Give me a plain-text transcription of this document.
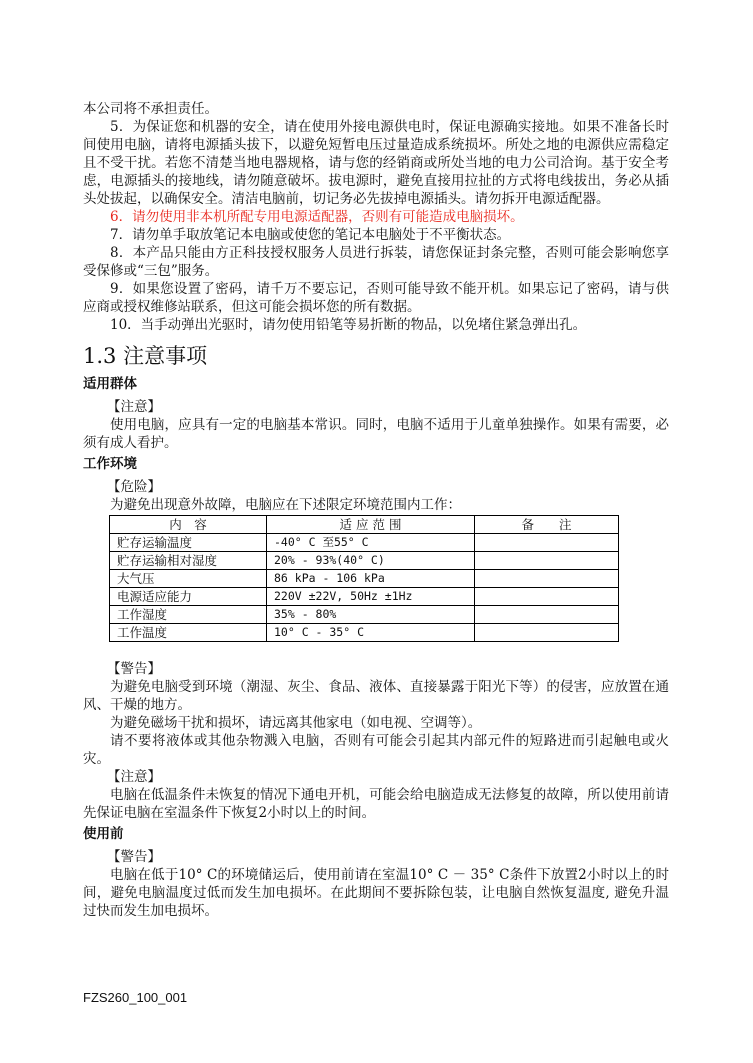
本公司将不承担责任。

5．为保证您和机器的安全，请在使用外接电源供电时，保证电源确实接地。如果不准备长时间使用电脑，请将电源插头拔下，以避免短暂电压过量造成系统损坏。所处之地的电源供应需稳定且不受干扰。若您不清楚当地电器规格，请与您的经销商或所处当地的电力公司洽询。基于安全考虑，电源插头的接地线，请勿随意破坏。拔电源时，避免直接用拉扯的方式将电线拔出，务必从插头处拔起，以确保安全。清洁电脑前，切记务必先拔掉电源插头。请勿拆开电源适配器。

6．请勿使用非本机所配专用电源适配器，否则有可能造成电脑损坏。

7．请勿单手取放笔记本电脑或使您的笔记本电脑处于不平衡状态。

8．本产品只能由方正科技授权服务人员进行拆装，请您保证封条完整，否则可能会影响您享受保修或“三包”服务。

9．如果您设置了密码，请千万不要忘记，否则可能导致不能开机。如果忘记了密码，请与供应商或授权维修站联系，但这可能会损坏您的所有数据。

10．当手动弹出光驱时，请勿使用铅笔等易折断的物品，以免堵住紧急弹出孔。

1.3 注意事项
适用群体

【注意】

使用电脑，应具有一定的电脑基本常识。同时，电脑不适用于儿童单独操作。如果有需要，必须有成人看护。

工作环境

【危险】

为避免出现意外故障，电脑应在下述限定环境范围内工作：

内　容	适 应 范 围	备　　注
贮存运输温度	-40° C 至55° C	
贮存运输相对湿度	20% - 93%(40° C)	
大气压	86 kPa - 106 kPa	
电源适应能力	220V ±22V, 50Hz ±1Hz	
工作湿度	35% - 80%	
工作温度	10° C - 35° C	

【警告】

为避免电脑受到环境（潮湿、灰尘、食品、液体、直接暴露于阳光下等）的侵害，应放置在通风、干燥的地方。

为避免磁场干扰和损坏，请远离其他家电（如电视、空调等）。

请不要将液体或其他杂物溅入电脑，否则有可能会引起其内部元件的短路进而引起触电或火灾。

【注意】

电脑在低温条件未恢复的情况下通电开机，可能会给电脑造成无法修复的故障，所以使用前请先保证电脑在室温条件下恢复2小时以上的时间。

使用前

【警告】

电脑在低于10° C的环境储运后，使用前请在室温10° C － 35° C条件下放置2小时以上的时间，避免电脑温度过低而发生加电损坏。在此期间不要拆除包装，让电脑自然恢复温度, 避免升温过快而发生加电损坏。

FZS260_100_001
